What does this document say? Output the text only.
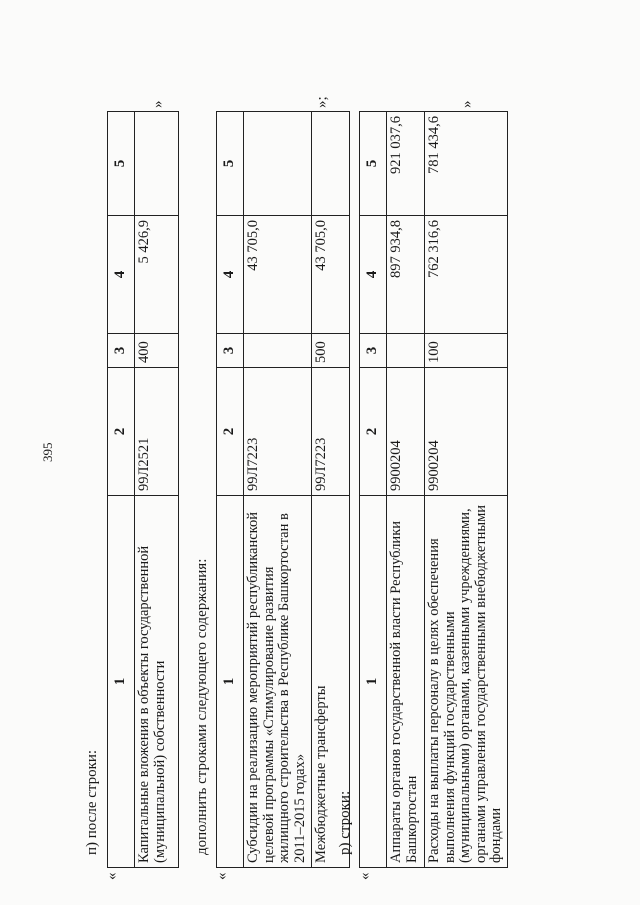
395
п) после строки:
«
1	2	3	4	5
Капитальные вложения в объекты государственной (муниципальной) собственности	99Л2521	400	5 426,9	
»
дополнить строками следующего содержания:
«
1	2	3	4	5
Субсидии на реализацию мероприятий республиканской целевой программы «Стимулирование развития жилищного строительства в Республике Башкортостан в 2011–2015 годах»	99Л7223		43 705,0	
Межбюджетные трансферты	99Л7223	500	43 705,0	
»;
р) строки:
«
1	2	3	4	5
Аппараты органов государственной власти Республики Башкортостан	9900204		897 934,8	921 037,6
Расходы на выплаты персоналу в целях обеспечения выполнения функций государственными (муниципальными) органами, казенными учреждениями, органами управления государственными внебюджетными фондами	9900204	100	762 316,6	781 434,6
»
